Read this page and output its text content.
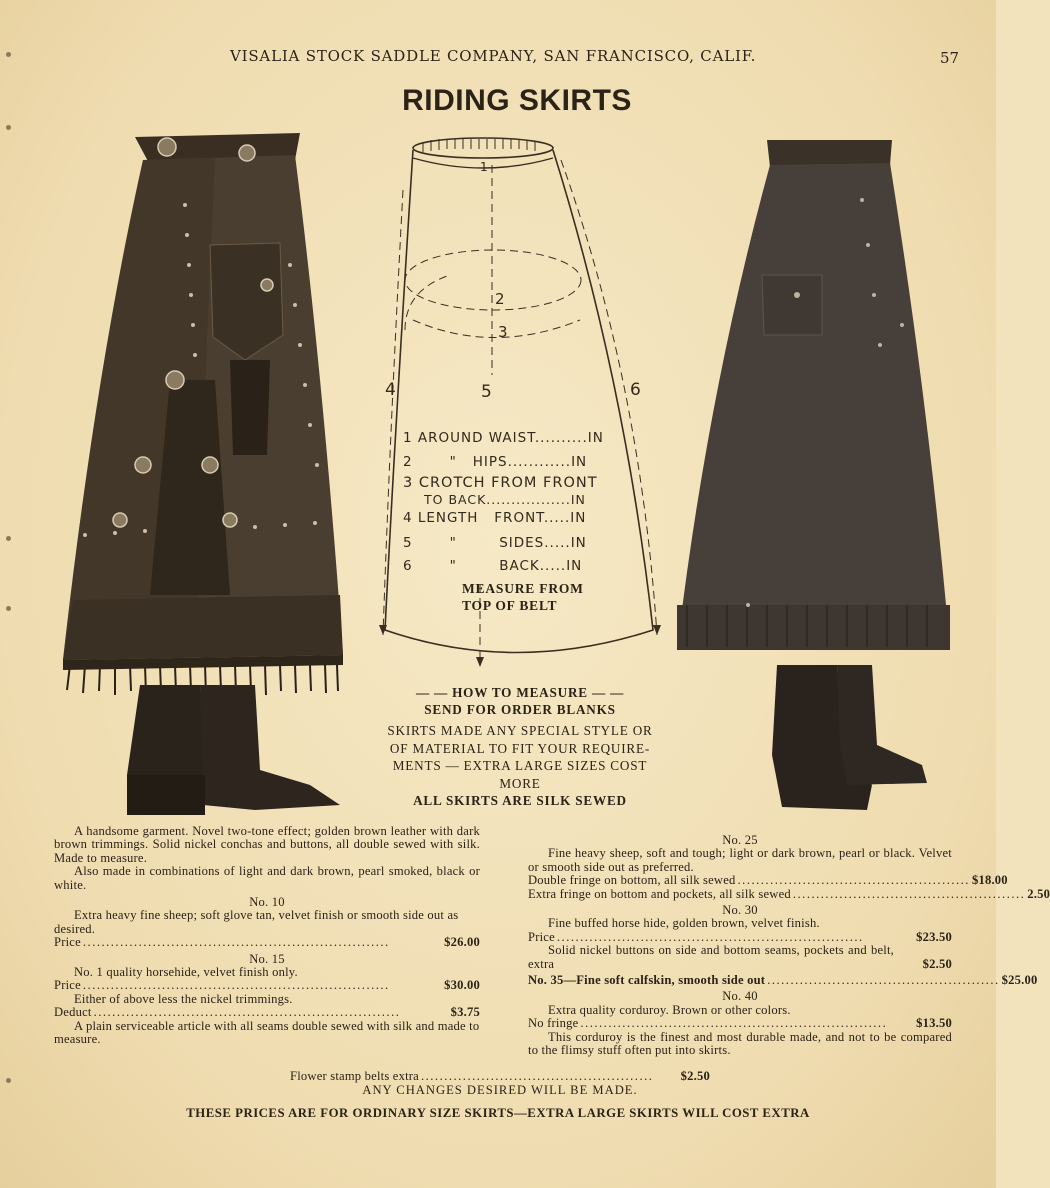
VISALIA STOCK SADDLE COMPANY, SAN FRANCISCO, CALIF.	57
RIDING SKIRTS
1
2
3
4	5	6
1 AROUND WAIST..........IN
2       " HIPS............IN
3 CROTCH FROM FRONT
TO BACK.................IN
4 LENGTH FRONT.....IN
5       "	SIDES.....IN
6       "	BACK.....IN
MEASURE FROM
TOP OF BELT
— — HOW TO MEASURE — —
SEND FOR ORDER BLANKS
SKIRTS MADE ANY SPECIAL STYLE OR
OF MATERIAL TO FIT YOUR REQUIRE-
MENTS — EXTRA LARGE SIZES COST
MORE
ALL SKIRTS ARE SILK SEWED
A handsome garment. Novel two-tone effect; golden brown leather with dark brown trimmings. Solid nickel conchas and buttons, all double sewed with silk. Made to measure.
Also made in combinations of light and dark brown, pearl smoked, black or white.
No. 10
Extra heavy fine sheep; soft glove tan, velvet finish or smooth side out as desired.
Price ..................................................................	$26.00
No. 15
No. 1 quality horsehide, velvet finish only.
Price ..................................................................	$30.00
Either of above less the nickel trimmings.
Deduct ..................................................................	$3.75
A plain serviceable article with all seams double sewed with silk and made to measure.
No. 25
Fine heavy sheep, soft and tough; light or dark brown, pearl or black. Velvet or smooth side out as preferred.
Double fringe on bottom, all silk sewed .................................................. $18.00
Extra fringe on bottom and pockets, all silk sewed .................................................. 2.50
No. 30
Fine buffed horse hide, golden brown, velvet finish.
Price ..................................................................	$23.50
Solid nickel buttons on side and bottom seams, pockets and belt, extra	$2.50
No. 35—Fine soft calfskin, smooth side out .................................................. $25.00
No. 40
Extra quality corduroy. Brown or other colors.
No fringe ..................................................................	$13.50
This corduroy is the finest and most durable made, and not to be compared to the flimsy stuff often put into skirts.
Flower stamp belts extra ..................................................	$2.50
ANY CHANGES DESIRED WILL BE MADE.
THESE PRICES ARE FOR ORDINARY SIZE SKIRTS—EXTRA LARGE SKIRTS WILL COST EXTRA
